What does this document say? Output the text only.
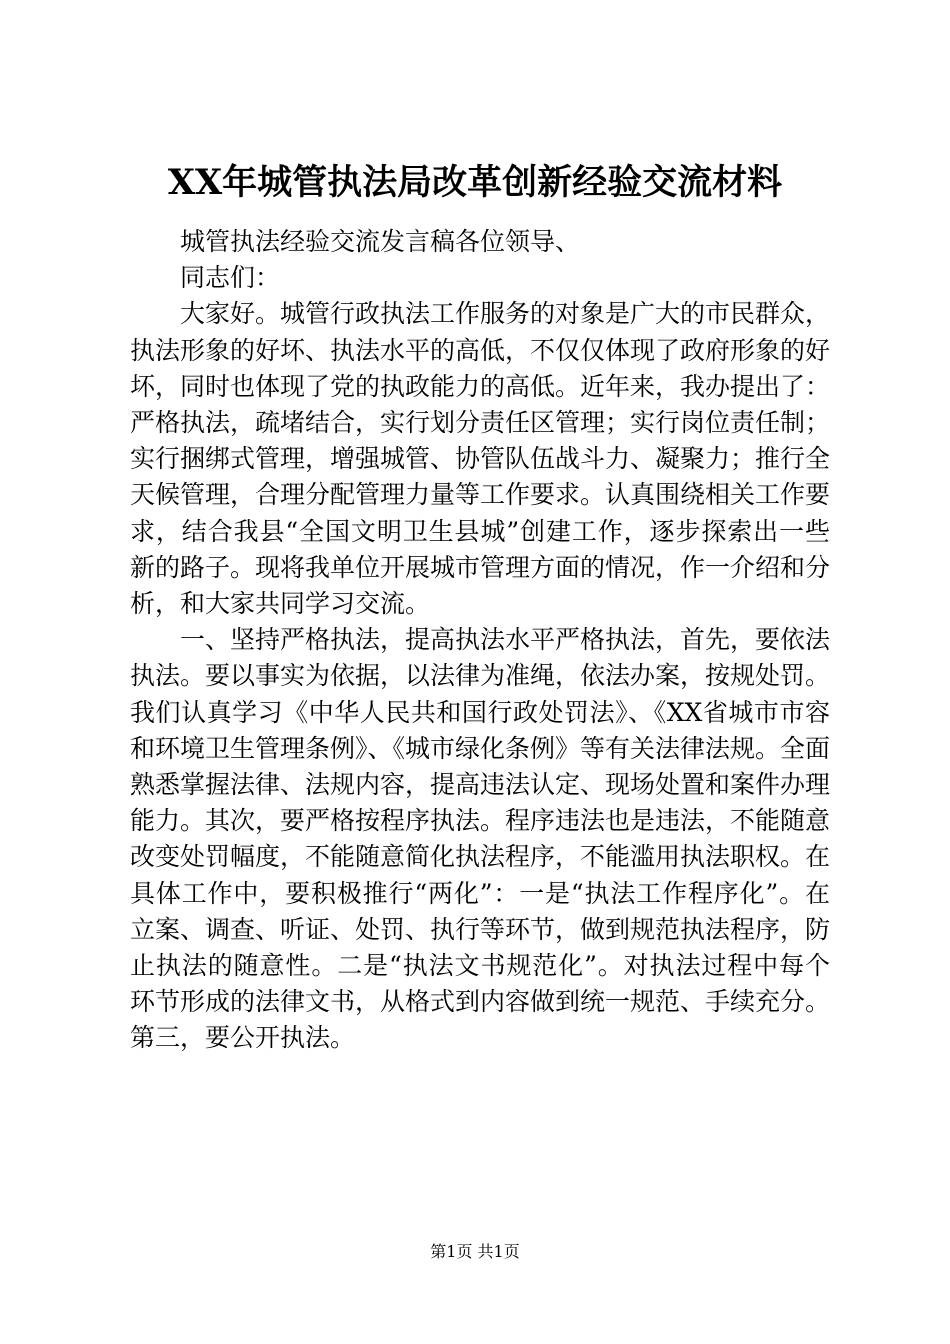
XX年城管执法局改革创新经验交流材料

城管执法经验交流发言稿各位领导、

同志们：

大家好。城管行政执法工作服务的对象是广大的市民群众，执法形象的好坏、执法水平的高低，不仅仅体现了政府形象的好坏，同时也体现了党的执政能力的高低。近年来，我办提出了：严格执法，疏堵结合，实行划分责任区管理；实行岗位责任制；实行捆绑式管理，增强城管、协管队伍战斗力、凝聚力；推行全天候管理，合理分配管理力量等工作要求。认真围绕相关工作要求，结合我县“全国文明卫生县城”创建工作，逐步探索出一些新的路子。现将我单位开展城市管理方面的情况，作一介绍和分析，和大家共同学习交流。

一、坚持严格执法，提高执法水平严格执法，首先，要依法执法。要以事实为依据，以法律为准绳，依法办案，按规处罚。我们认真学习《中华人民共和国行政处罚法》、《XX省城市市容和环境卫生管理条例》、《城市绿化条例》等有关法律法规。全面熟悉掌握法律、法规内容，提高违法认定、现场处置和案件办理能力。其次，要严格按程序执法。程序违法也是违法，不能随意改变处罚幅度，不能随意简化执法程序，不能滥用执法职权。在具体工作中，要积极推行“两化”：一是“执法工作程序化”。在立案、调查、听证、处罚、执行等环节，做到规范执法程序，防止执法的随意性。二是“执法文书规范化”。对执法过程中每个环节形成的法律文书，从格式到内容做到统一规范、手续充分。第三，要公开执法。

第1页 共1页
